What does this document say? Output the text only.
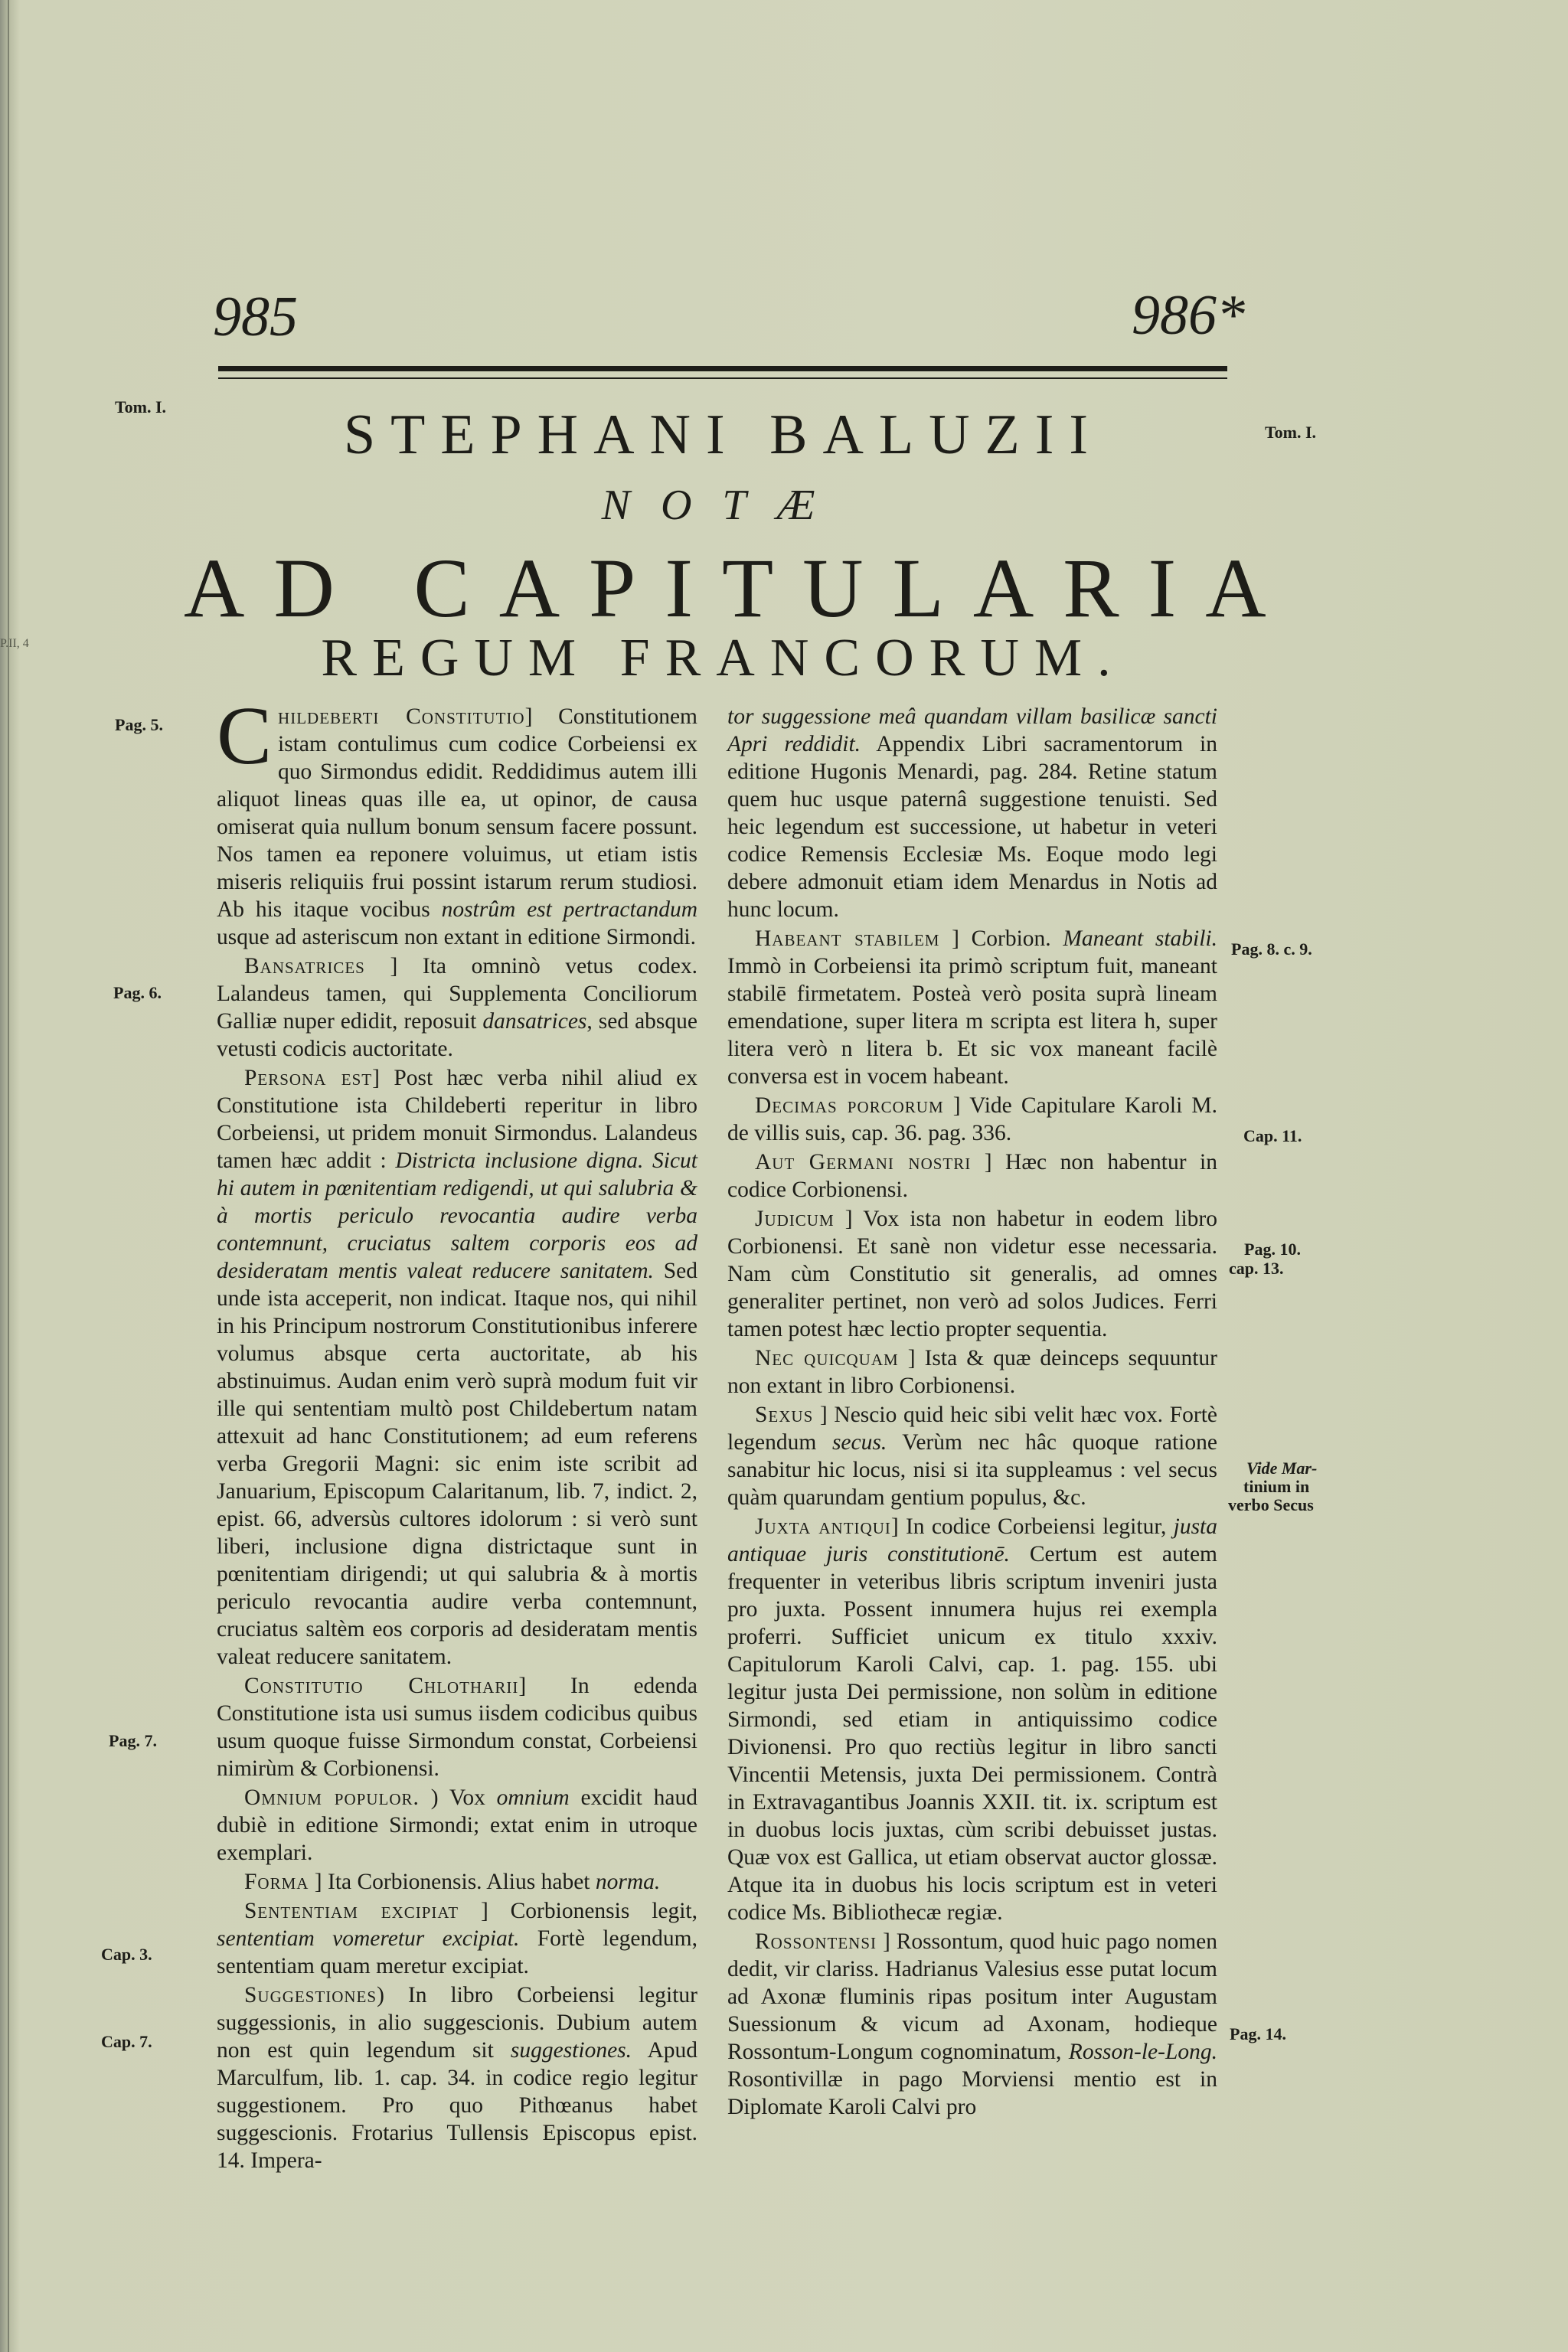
P.II, 4
985	986*
Tom. I.
Tom. I.
STEPHANI BALUZII
NOTÆ
AD CAPITULARIA
REGUM FRANCORUM.
Pag. 5.
Pag. 6.
Pag. 7.
Cap. 3.
Cap. 7.
Pag. 8. c. 9.
Cap. 11.
Pag. 10.
cap. 13.
Vide Mar-
tinium in
verbo Secus
Pag. 14.

Childeberti Constitutio] Constitutionem istam contulimus cum codice Corbeiensi ex quo Sirmondus edidit. Reddidimus autem illi aliquot lineas quas ille ea, ut opinor, de causa omiserat quia nullum bonum sensum facere possunt. Nos tamen ea reponere voluimus, ut etiam istis miseris reliquiis frui possint istarum rerum studiosi. Ab his itaque vocibus nostrûm est pertractandum usque ad asteriscum non extant in editione Sirmondi.

Bansatrices ] Ita omninò vetus codex. Lalandeus tamen, qui Supplementa Conciliorum Galliæ nuper edidit, reposuit dansatrices, sed absque vetusti codicis auctoritate.

Persona est] Post hæc verba nihil aliud ex Constitutione ista Childeberti reperitur in libro Corbeiensi, ut pridem monuit Sirmondus. Lalandeus tamen hæc addit : Districta inclusione digna. Sicut hi autem in pœnitentiam redigendi, ut qui salubria & à mortis periculo revocantia audire verba contemnunt, cruciatus saltem corporis eos ad desideratam mentis valeat reducere sanitatem. Sed unde ista acceperit, non indicat. Itaque nos, qui nihil in his Principum nostrorum Constitutionibus inferere volumus absque certa auctoritate, ab his abstinuimus. Audan enim verò suprà modum fuit vir ille qui sententiam multò post Childebertum natam attexuit ad hanc Constitutionem; ad eum referens verba Gregorii Magni: sic enim iste scribit ad Januarium, Episcopum Calaritanum, lib. 7, indict. 2, epist. 66, adversùs cultores idolorum : si verò sunt liberi, inclusione digna districtaque sunt in pœnitentiam dirigendi; ut qui salubria & à mortis periculo revocantia audire verba contemnunt, cruciatus saltèm eos corporis ad desideratam mentis valeat reducere sanitatem.

Constitutio Chlotharii] In edenda Constitutione ista usi sumus iisdem codicibus quibus usum quoque fuisse Sirmondum constat, Corbeiensi nimirùm & Corbionensi.

Omnium populor. ) Vox omnium excidit haud dubiè in editione Sirmondi; extat enim in utroque exemplari.

Forma ] Ita Corbionensis. Alius habet norma.

Sententiam excipiat ] Corbionensis legit, sententiam vomeretur excipiat. Fortè legendum, sententiam quam meretur excipiat.

Suggestiones) In libro Corbeiensi legitur suggessionis, in alio suggescionis. Dubium autem non est quin legendum sit suggestiones. Apud Marculfum, lib. 1. cap. 34. in codice regio legitur suggestionem. Pro quo Pithœanus habet suggescionis. Frotarius Tullensis Episcopus epist. 14. Impera-

tor suggessione meâ quandam villam basilicæ sancti Apri reddidit. Appendix Libri sacramentorum in editione Hugonis Menardi, pag. 284. Retine statum quem huc usque paternâ suggestione tenuisti. Sed heic legendum est successione, ut habetur in veteri codice Remensis Ecclesiæ Ms. Eoque modo legi debere admonuit etiam idem Menardus in Notis ad hunc locum.

Habeant stabilem ] Corbion. Maneant stabili. Immò in Corbeiensi ita primò scriptum fuit, maneant stabilē firmetatem. Posteà verò posita suprà lineam emendatione, super litera m scripta est litera h, super litera verò n litera b. Et sic vox maneant facilè conversa est in vocem habeant.

Decimas porcorum ] Vide Capitulare Karoli M. de villis suis, cap. 36. pag. 336.

Aut Germani nostri ] Hæc non habentur in codice Corbionensi.

Judicum ] Vox ista non habetur in eodem libro Corbionensi. Et sanè non videtur esse necessaria. Nam cùm Constitutio sit generalis, ad omnes generaliter pertinet, non verò ad solos Judices. Ferri tamen potest hæc lectio propter sequentia.

Nec quicquam ] Ista & quæ deinceps sequuntur non extant in libro Corbionensi.

Sexus ] Nescio quid heic sibi velit hæc vox. Fortè legendum secus. Verùm nec hâc quoque ratione sanabitur hic locus, nisi si ita suppleamus : vel secus quàm quarundam gentium populus, &c.

Juxta antiqui] In codice Corbeiensi legitur, justa antiquae juris constitutionē. Certum est autem frequenter in veteribus libris scriptum inveniri justa pro juxta. Possent innumera hujus rei exempla proferri. Sufficiet unicum ex titulo xxxiv. Capitulorum Karoli Calvi, cap. 1. pag. 155. ubi legitur justa Dei permissione, non solùm in editione Sirmondi, sed etiam in antiquissimo codice Divionensi. Pro quo rectiùs legitur in libro sancti Vincentii Metensis, juxta Dei permissionem. Contrà in Extravagantibus Joannis XXII. tit. ix. scriptum est in duobus locis juxtas, cùm scribi debuisset justas. Quæ vox est Gallica, ut etiam observat auctor glossæ. Atque ita in duobus his locis scriptum est in veteri codice Ms. Bibliothecæ regiæ.

Rossontensi ] Rossontum, quod huic pago nomen dedit, vir clariss. Hadrianus Valesius esse putat locum ad Axonæ fluminis ripas positum inter Augustam Suessionum & vicum ad Axonam, hodieque Rossontum-Longum cognominatum, Rosson-le-Long. Rosontivillæ in pago Morviensi mentio est in Diplomate Karoli Calvi pro
